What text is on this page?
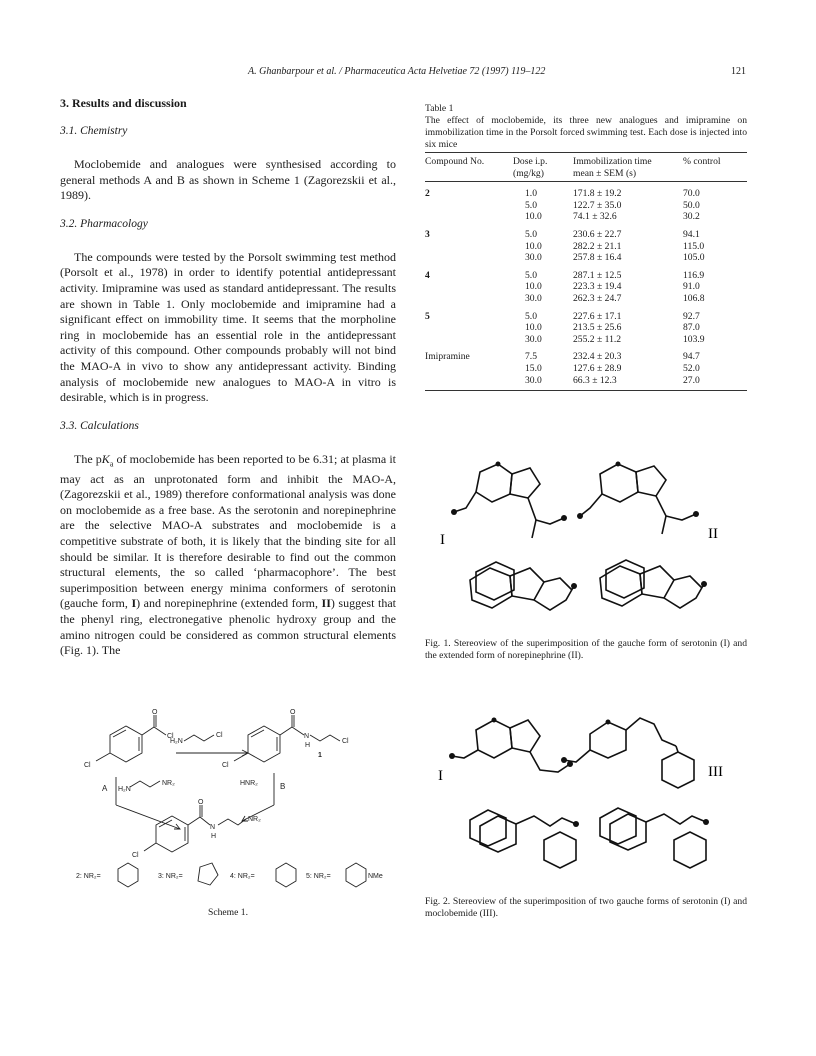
A. Ghanbarpour et al. / Pharmaceutica Acta Helvetiae 72 (1997) 119–122	121
3. Results and discussion
3.1. Chemistry

Moclobemide and analogues were synthesised according to general methods A and B as shown in Scheme 1 (Zagorezskii et al., 1989).

3.2. Pharmacology

The compounds were tested by the Porsolt swimming test method (Porsolt et al., 1978) in order to identify potential antidepressant activity. Imipramine was used as standard antidepressant. The results are shown in Table 1. Only moclobemide and imipramine had a significant effect on immobility time. It seems that the morpholine ring in moclobemide has an essential role in the antidepressant activity of this compound. Other compounds probably will not bind the MAO-A in vivo to show any antidepressant activity. Binding analysis of moclobemide new analogues to MAO-A in vitro is desirable, which is in progress.

3.3. Calculations

The $pK_a$ of moclobemide has been reported to be 6.31; at plasma it may act as an unprotonated form and inhibit the MAO-A, (Zagorezskii et al., 1989) therefore conformational analysis was done on moclobemide as a free base. As the serotonin and norepinephrine are the selective MAO-A substrates and moclobemide is a competitive substrate of both, it is likely that the binding site for all should be similar. It is therefore desirable to find out the common structural elements, the so called ‘pharmacophore’. The best superimposition between energy minima conformers of serotonin (gauche form, I) and norepinephrine (extended form, II) suggest that the phenyl ring, electronegative phenolic hydroxy group and the amino nitrogen could be considered as common structural elements (Fig. 1). The

Table 1
The effect of moclobemide, its three new analogues and imipramine on immobilization time in the Porsolt forced swimming test. Each dose is injected into six mice
Compound No.	Dose i.p.	Immobilization time	% control
	(mg/kg)	mean ± SEM (s)	
2	1.0	171.8 ± 19.2	70.0
	5.0	122.7 ± 35.0	50.0
	10.0	74.1 ± 32.6	30.2
3	5.0	230.6 ± 22.7	94.1
	10.0	282.2 ± 21.1	115.0
	30.0	257.8 ± 16.4	105.0
4	5.0	287.1 ± 12.5	116.9
	10.0	223.3 ± 19.4	91.0
	30.0	262.3 ± 24.7	106.8
5	5.0	227.6 ± 17.1	92.7
	10.0	213.5 ± 25.6	87.0
	30.0	255.2 ± 11.2	103.9
Imipramine	7.5	232.4 ± 20.3	94.7
	15.0	127.6 ± 28.9	52.0
	30.0	66.3 ± 12.3	27.0
I	II
Fig. 1. Stereoview of the superimposition of the gauche form of serotonin (I) and the extended form of norepinephrine (II).
I	III
Fig. 2. Stereoview of the superimposition of two gauche forms of serotonin (I) and moclobemide (III).
O
Cl
Cl
H₂N
Cl
O
N
H
Cl
Cl
1
A H₂N
NR₂	HNR₂	B
O
N
H
NR₂
Cl
2: NR₂=	3: NR₂=	4: NR₂=	5: NR₂=	NMe
Scheme 1.
